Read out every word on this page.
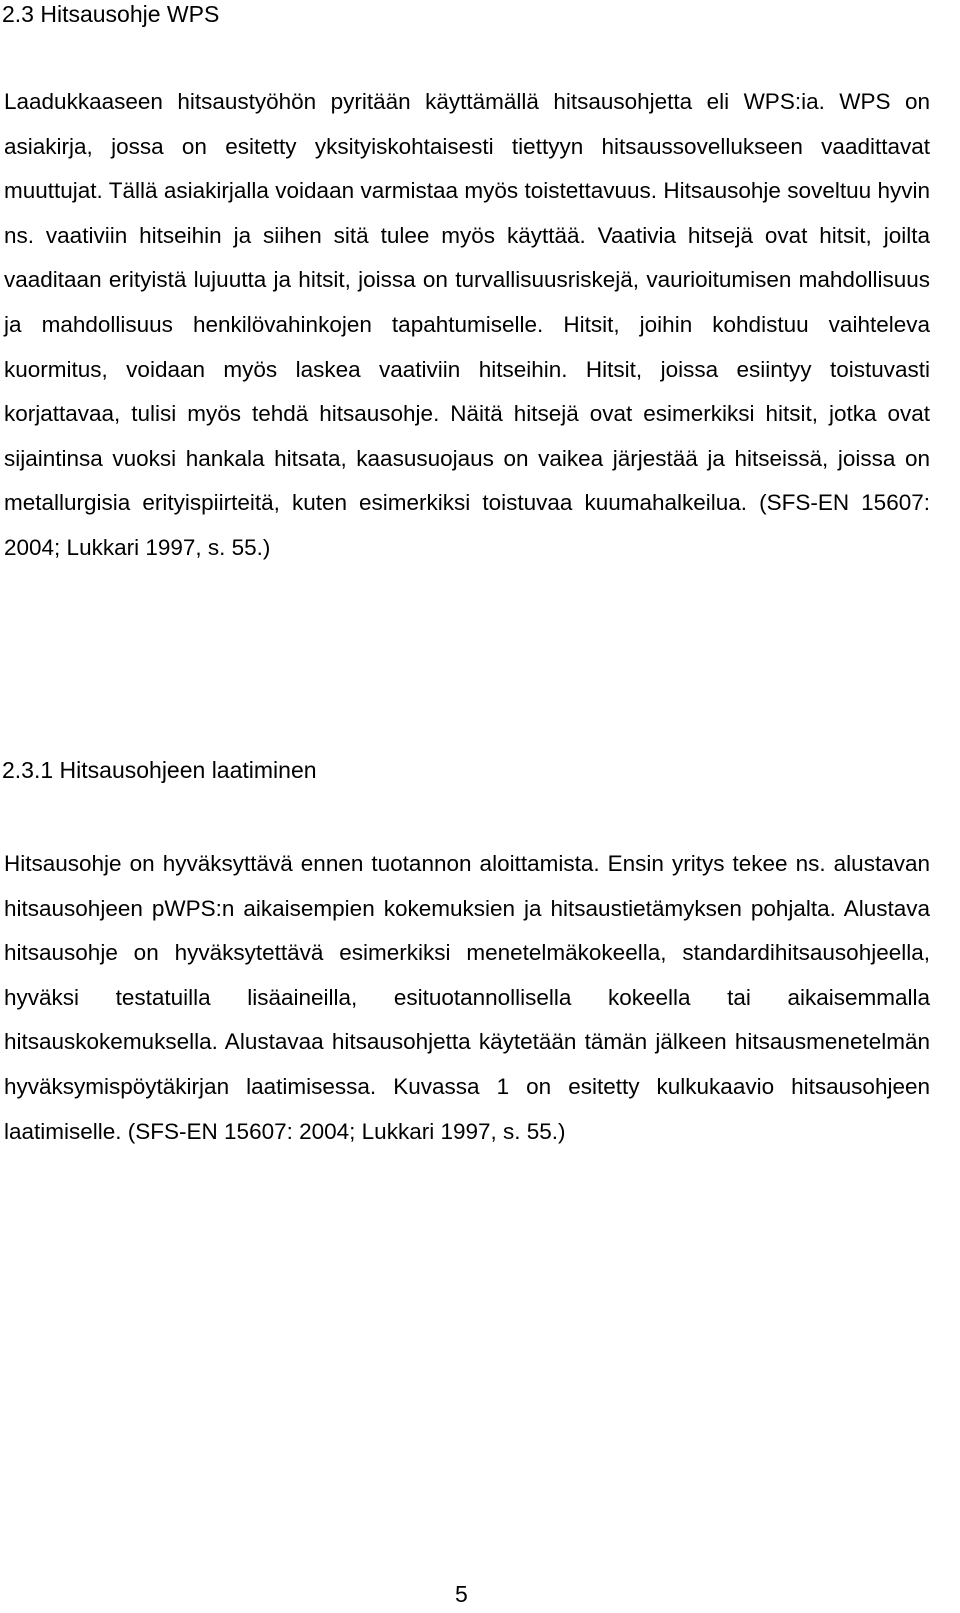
2.3 Hitsausohje WPS

Laadukkaaseen hitsaustyöhön pyritään käyttämällä hitsausohjetta eli WPS:ia. WPS on asiakirja, jossa on esitetty yksityiskohtaisesti tiettyyn hitsaussovellukseen vaadittavat muuttujat. Tällä asiakirjalla voidaan varmistaa myös toistettavuus. Hitsausohje soveltuu hyvin ns. vaativiin hitseihin ja siihen sitä tulee myös käyttää. Vaativia hitsejä ovat hitsit, joilta vaaditaan erityistä lujuutta ja hitsit, joissa on turvallisuusriskejä, vaurioitumisen mahdollisuus ja mahdollisuus henkilövahinkojen tapahtumiselle. Hitsit, joihin kohdistuu vaihteleva kuormitus, voidaan myös laskea vaativiin hitseihin. Hitsit, joissa esiintyy toistuvasti korjattavaa, tulisi myös tehdä hitsausohje. Näitä hitsejä ovat esimerkiksi hitsit, jotka ovat sijaintinsa vuoksi hankala hitsata, kaasusuojaus on vaikea järjestää ja hitseissä, joissa on metallurgisia erityispiirteitä, kuten esimerkiksi toistuvaa kuumahalkeilua. (SFS-EN 15607: 2004; Lukkari 1997, s. 55.)

2.3.1 Hitsausohjeen laatiminen

Hitsausohje on hyväksyttävä ennen tuotannon aloittamista. Ensin yritys tekee ns. alustavan hitsausohjeen pWPS:n aikaisempien kokemuksien ja hitsaustietämyksen pohjalta. Alustava hitsausohje on hyväksytettävä esimerkiksi menetelmäkokeella, standardihitsausohjeella, hyväksi testatuilla lisäaineilla, esituotannollisella kokeella tai aikaisemmalla hitsauskokemuksella. Alustavaa hitsausohjetta käytetään tämän jälkeen hitsausmenetelmän hyväksymispöytäkirjan laatimisessa. Kuvassa 1 on esitetty kulkukaavio hitsausohjeen laatimiselle. (SFS-EN 15607: 2004; Lukkari 1997, s. 55.)

5
